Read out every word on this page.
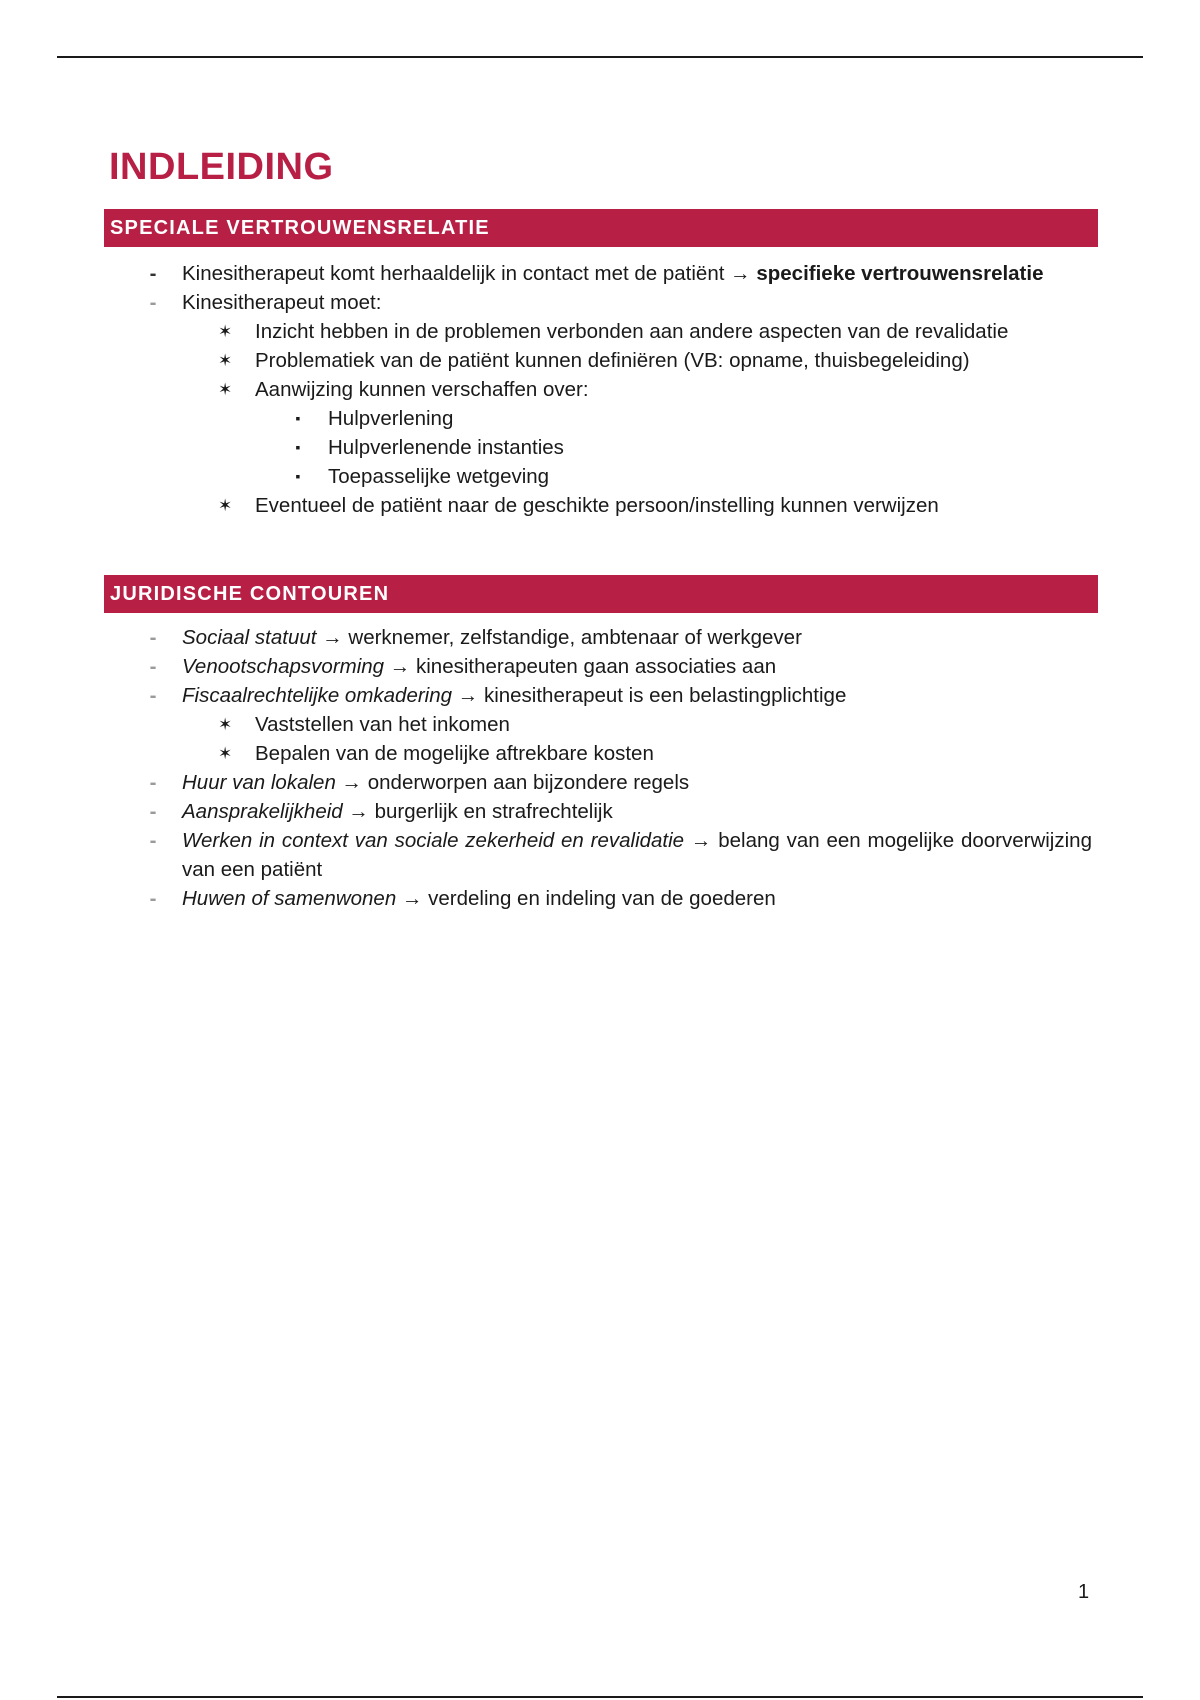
INDLEIDING
SPECIALE VERTROUWENSRELATIE
- Kinesitherapeut komt herhaaldelijk in contact met de patiënt → specifieke vertrouwensrelatie
- Kinesitherapeut moet:
✶ Inzicht hebben in de problemen verbonden aan andere aspecten van de revalidatie
✶ Problematiek van de patiënt kunnen definiëren (VB: opname, thuisbegeleiding)
✶ Aanwijzing kunnen verschaffen over:
▪ Hulpverlening
▪ Hulpverlenende instanties
▪ Toepasselijke wetgeving
✶ Eventueel de patiënt naar de geschikte persoon/instelling kunnen verwijzen
JURIDISCHE CONTOUREN
- Sociaal statuut → werknemer, zelfstandige, ambtenaar of werkgever
- Venootschapsvorming → kinesitherapeuten gaan associaties aan
- Fiscaalrechtelijke omkadering → kinesitherapeut is een belastingplichtige
✶ Vaststellen van het inkomen
✶ Bepalen van de mogelijke aftrekbare kosten
- Huur van lokalen → onderworpen aan bijzondere regels
- Aansprakelijkheid → burgerlijk en strafrechtelijk
- Werken in context van sociale zekerheid en revalidatie → belang van een mogelijke doorverwijzing van een patiënt
- Huwen of samenwonen → verdeling en indeling van de goederen
1
